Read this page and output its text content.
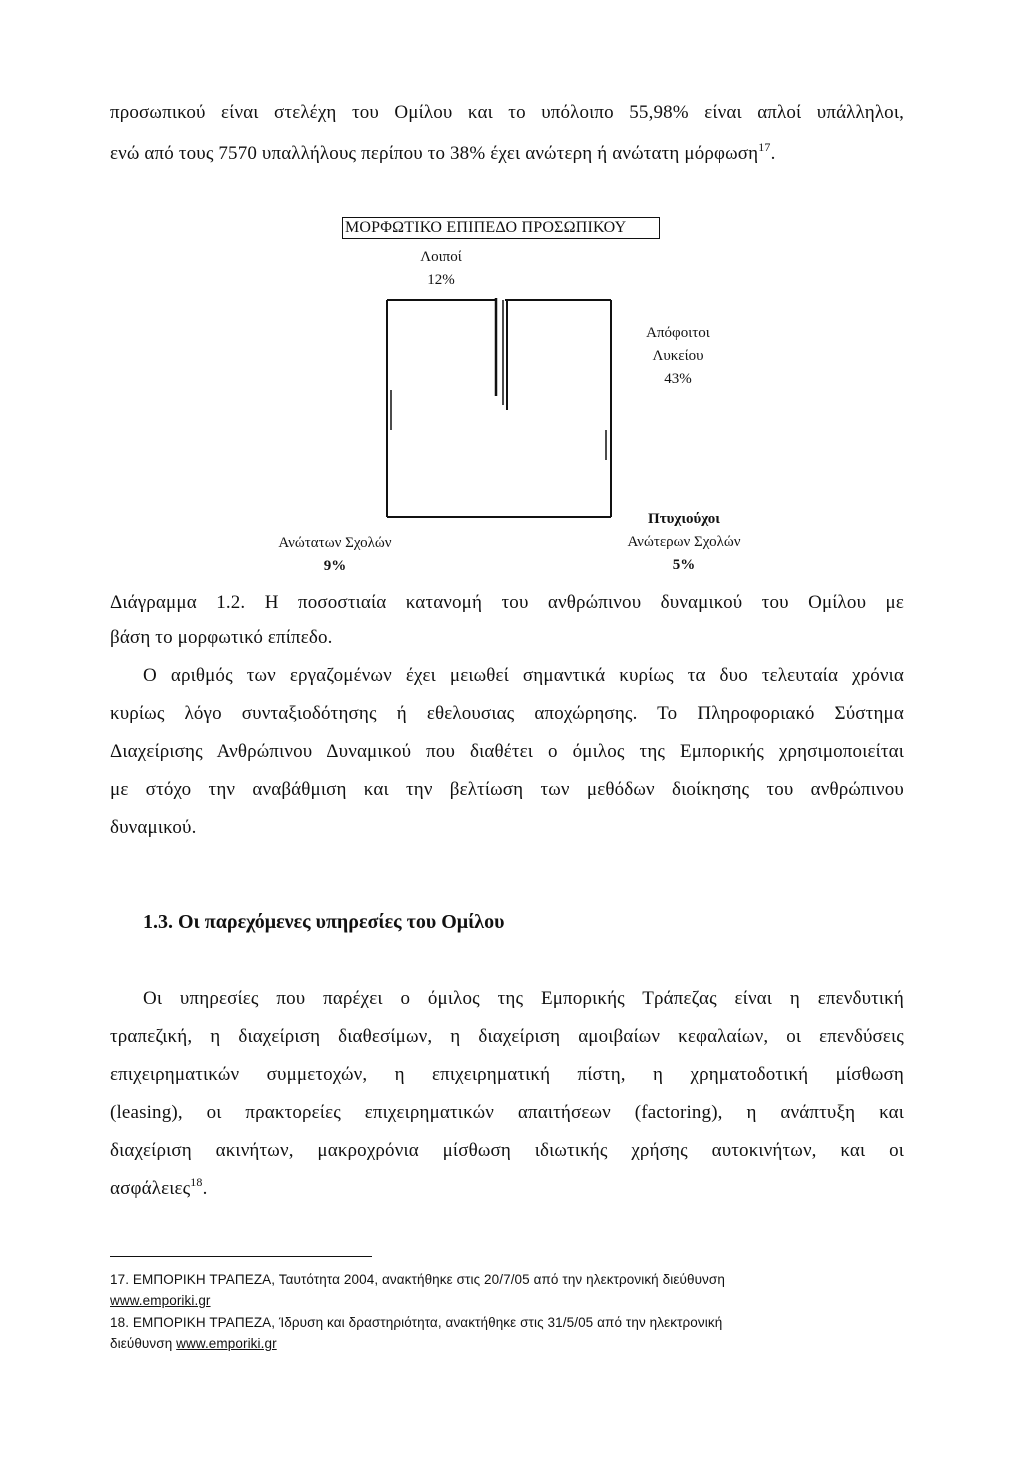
προσωπικού είναι στελέχη του Ομίλου και το υπόλοιπο 55,98% είναι απλοί υπάλληλοι,
ενώ από τους 7570 υπαλλήλους περίπου το 38% έχει ανώτερη ή ανώτατη μόρφωση$^{17}$.
ΜΟΡΦΩΤΙΚΟ ΕΠΙΠΕΔΟ ΠΡΟΣΩΠΙΚΟΥ
Λοιποί
12%
Απόφοιτοι
Λυκείου
43%
Πτυχιούχοι
Ανώτερων Σχολών
5%
Ανώτατων Σχολών
9%
Διάγραμμα 1.2. Η ποσοστιαία κατανομή του ανθρώπινου δυναμικού του Ομίλου με
βάση το μορφωτικό επίπεδο.
Ο αριθμός των εργαζομένων έχει μειωθεί σημαντικά κυρίως τα δυο τελευταία χρόνια
κυρίως λόγο συνταξιοδότησης ή εθελουσιας αποχώρησης. Το Πληροφοριακό Σύστημα
Διαχείρισης Ανθρώπινου Δυναμικού που διαθέτει ο όμιλος της Εμπορικής χρησιμοποιείται
με στόχο την αναβάθμιση και την βελτίωση των μεθόδων διοίκησης του ανθρώπινου
δυναμικού.
1.3. Οι παρεχόμενες υπηρεσίες του Ομίλου
Οι υπηρεσίες που παρέχει ο όμιλος της Εμπορικής Τράπεζας είναι η επενδυτική
τραπεζική, η διαχείριση διαθεσίμων, η διαχείριση αμοιβαίων κεφαλαίων, οι επενδύσεις
επιχειρηματικών συμμετοχών, η επιχειρηματική πίστη, η χρηματοδοτική μίσθωση
(leasing), οι πρακτορείες επιχειρηματικών απαιτήσεων (factoring), η ανάπτυξη και
διαχείριση ακινήτων, μακροχρόνια μίσθωση ιδιωτικής χρήσης αυτοκινήτων, και οι
ασφάλειες$^{18}$.
17. ΕΜΠΟΡΙΚΗ ΤΡΑΠΕΖΑ, Ταυτότητα 2004, ανακτήθηκε στις 20/7/05 από την ηλεκτρονική διεύθυνση
www.emporiki.gr
18. ΕΜΠΟΡΙΚΗ ΤΡΑΠΕΖΑ, Ίδρυση και δραστηριότητα, ανακτήθηκε στις 31/5/05 από την ηλεκτρονική
διεύθυνση www.emporiki.gr
